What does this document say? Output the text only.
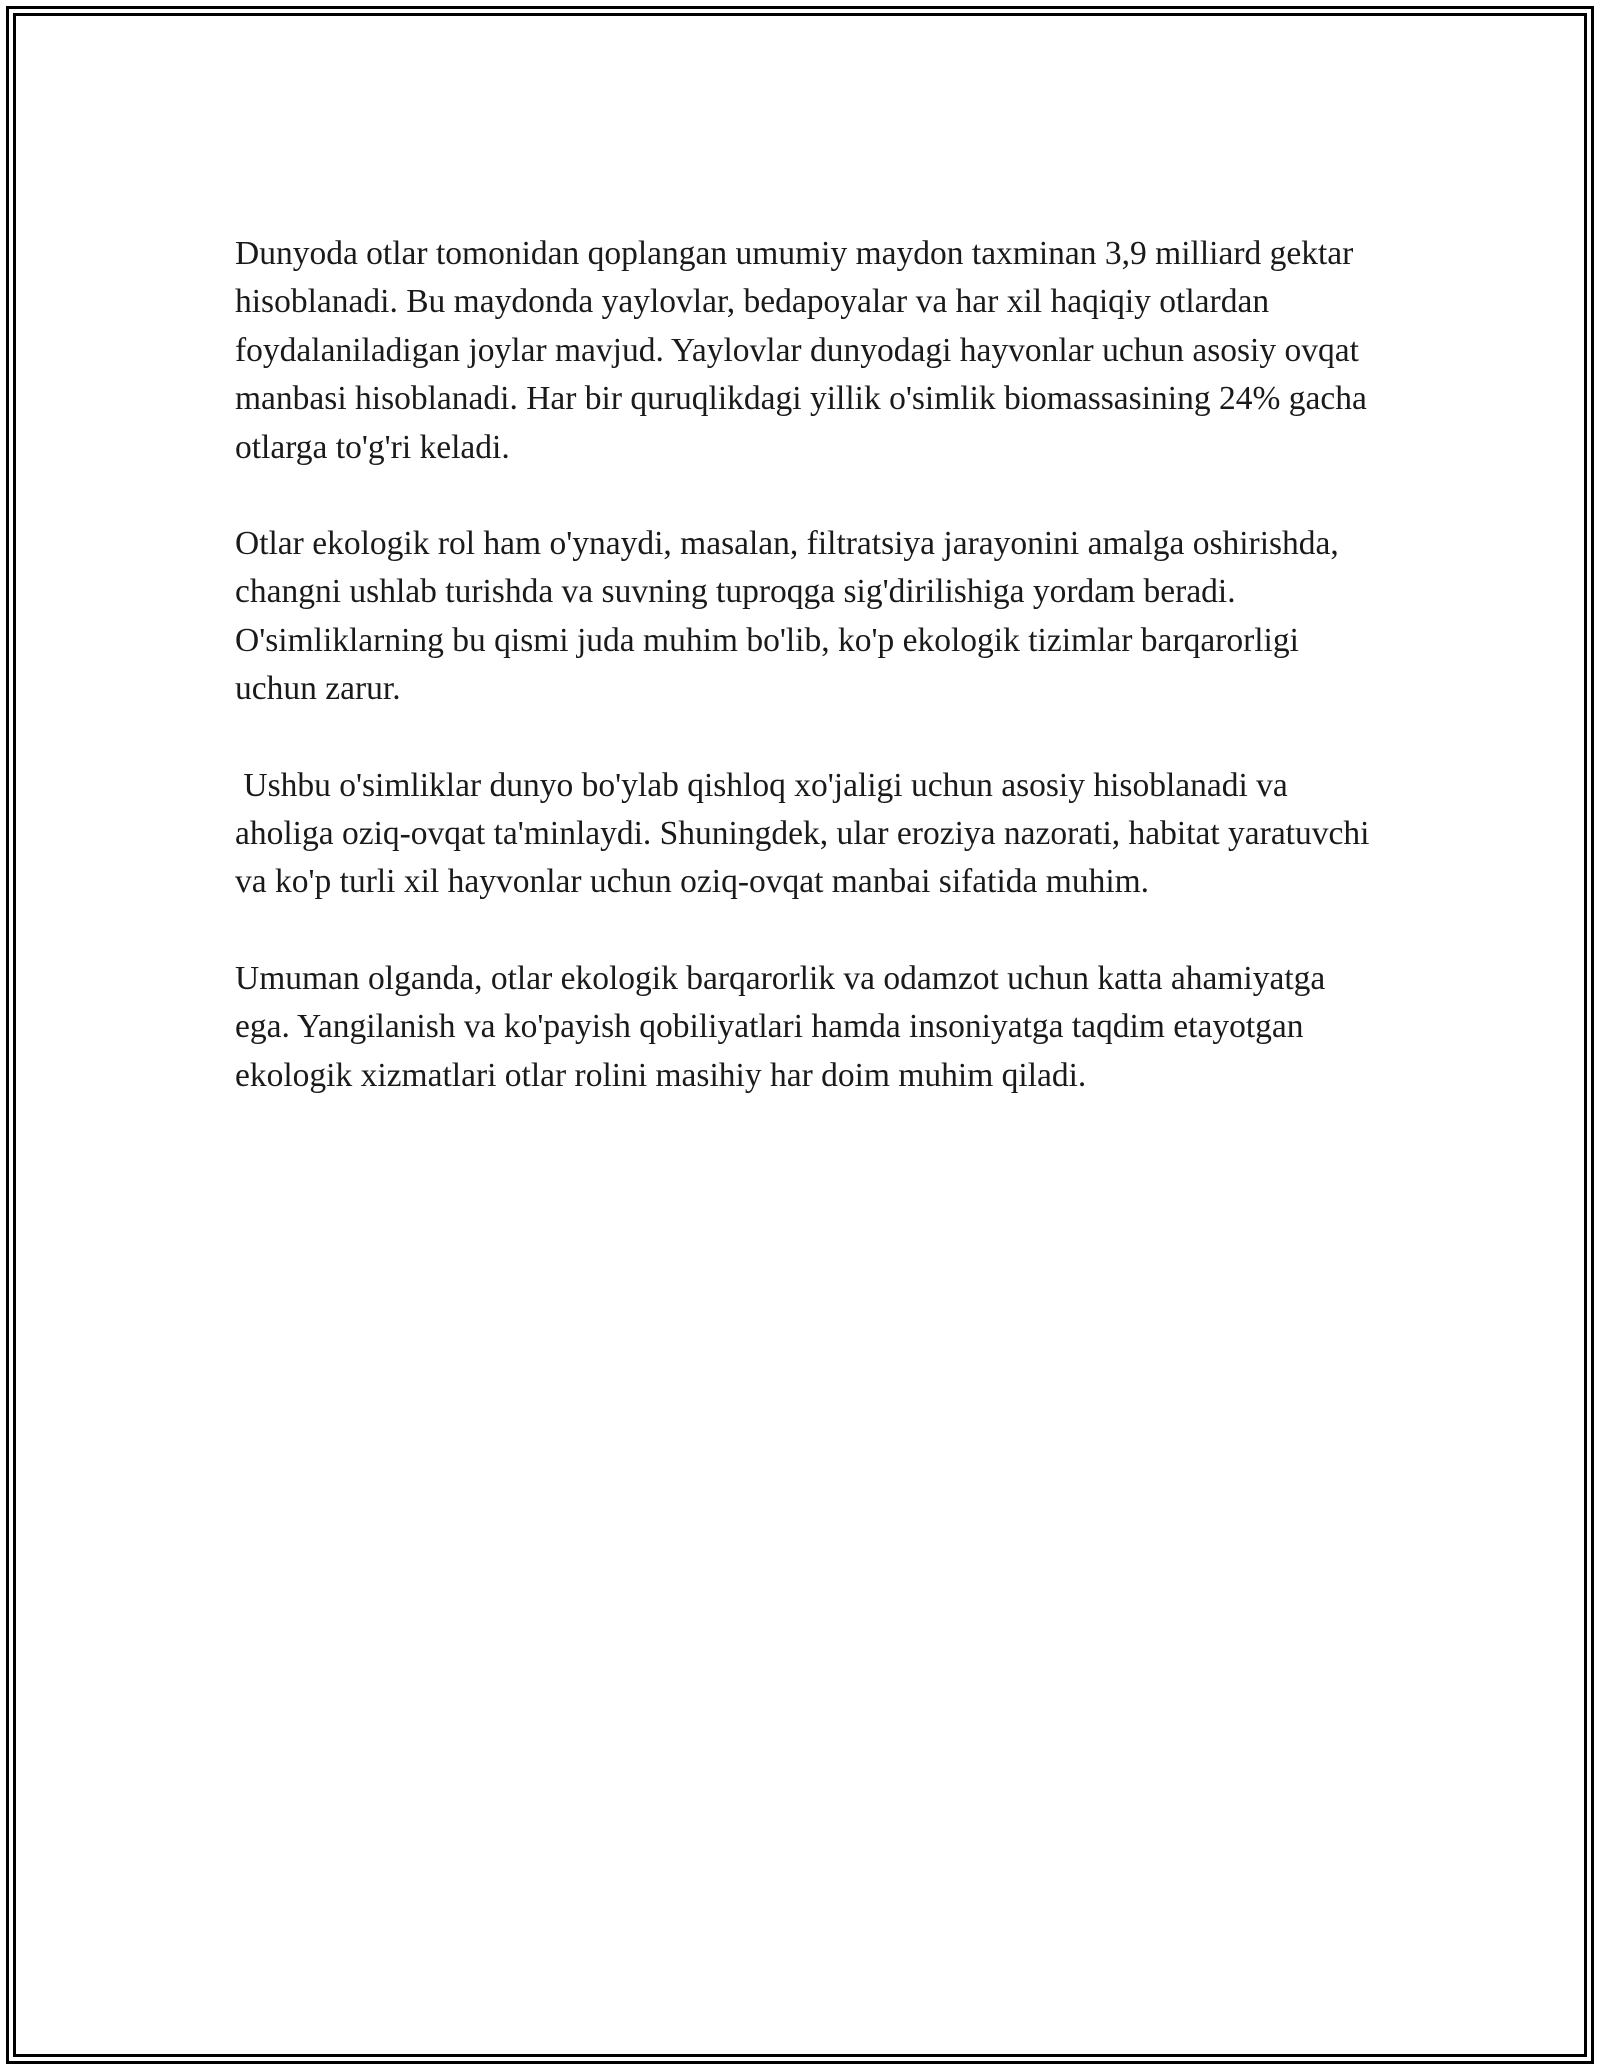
Dunyoda otlar tomonidan qoplangan umumiy maydon taxminan 3,9 milliard gektar hisoblanadi. Bu maydonda yaylovlar, bedapoyalar va har xil haqiqiy otlardan foydalaniladigan joylar mavjud. Yaylovlar dunyodagi hayvonlar uchun asosiy ovqat manbasi hisoblanadi. Har bir quruqlikdagi yillik o'simlik biomassasining 24% gacha otlarga to'g'ri keladi.

Otlar ekologik rol ham o'ynaydi, masalan, filtratsiya jarayonini amalga oshirishda, changni ushlab turishda va suvning tuproqga sig'dirilishiga yordam beradi. O'simliklarning bu qismi juda muhim bo'lib, ko'p ekologik tizimlar barqarorligi uchun zarur.

Ushbu o'simliklar dunyo bo'ylab qishloq xo'jaligi uchun asosiy hisoblanadi va aholiga oziq-ovqat ta'minlaydi. Shuningdek, ular eroziya nazorati, habitat yaratuvchi va ko'p turli xil hayvonlar uchun oziq-ovqat manbai sifatida muhim.

Umuman olganda, otlar ekologik barqarorlik va odamzot uchun katta ahamiyatga ega. Yangilanish va ko'payish qobiliyatlari hamda insoniyatga taqdim etayotgan ekologik xizmatlari otlar rolini masihiy har doim muhim qiladi.
